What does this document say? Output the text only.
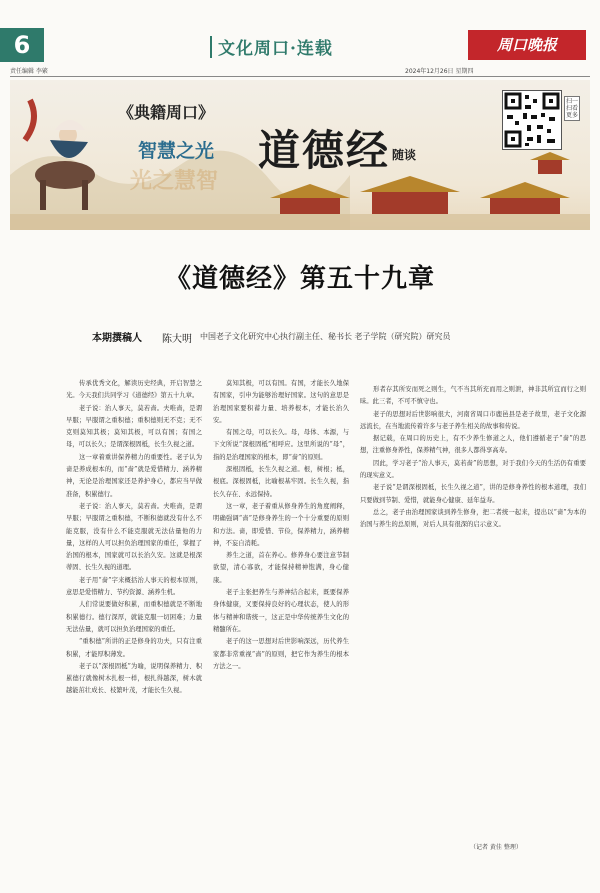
6
责任编辑 李綮
文化周口·连载	周口晚报
2024年12月26日 星期四
《典籍周口》
智慧之光
光之慧智
道德经 随谈
扫一扫看更多
《道德经》第五十九章
本期撰稿人 陈大明 中国老子文化研究中心执行副主任、秘书长 老子学院（研究院）研究员

传承优秀文化，解读历史经典，开启智慧之光。今天我们共同学习《道德经》第五十九章。

老子说：治人事天，莫若啬。夫唯啬，是谓早服；早服谓之重积德；重积德则无不克；无不克则莫知其极；莫知其极，可以有国；有国之母，可以长久；是谓深根固柢，长生久视之道。

这一章着重讲保养精力的重要性。老子认为啬是养成根本的，而“啬”就是爱惜精力、涵养精神，无论是治理国家还是养护身心，都应当早做准备，积累德行。

老子说：治人事天，莫若啬。夫唯啬，是谓早服；早服谓之重积德，不断积德就没有什么不能克服，没有什么不能克服就无法估量他的力量，这样的人可以担负治理国家的重任，掌握了治国的根本，国家就可以长治久安。这就是根深蒂固、长生久视的道理。

老子用“啬”字来概括治人事天的根本原则，意思是爱惜精力、节约资源、涵养生机。

人们常说要做好积累，而重积德就是不断地积累德行。德行深厚，就能克服一切困难；力量无法估量，就可以担负治理国家的重任。

“重积德”所讲的正是修身的功夫，只有注重积累，才能厚积薄发。

老子以“深根固柢”为喻，说明保养精力、积累德行就像树木扎根一样，根扎得越深，树木就越能茁壮成长、枝繁叶茂，才能长生久视。

莫知其极，可以有国。有国，才能长久地保有国家，引申为能够治理好国家。这句的意思是治理国家要积蓄力量、培养根本，才能长治久安。

有国之母，可以长久。母，母体、本源，与下文所说“深根固柢”相呼应。这里所说的“母”，指的是治理国家的根本，即“啬”的原则。

深根固柢，长生久视之道。根，树根；柢，根底。深根固柢，比喻根基牢固。长生久视，指长久存在、永远保持。

这一章，老子着重从修身养生的角度阐释，明确强调“啬”是修身养生的一个十分重要的原则和方法。啬，即爱惜、节俭，保养精力，涵养精神，不妄自消耗。

养生之道，首在养心。修养身心要注意节制欲望，清心寡欲，才能保持精神饱满，身心健康。

老子主张把养生与养神结合起来，既要保养身体健康，又要保持良好的心理状态，使人的形体与精神和谐统一，这正是中华传统养生文化的精髓所在。

老子的这一思想对后世影响深远，历代养生家都非常重视“啬”的原则，把它作为养生的根本方法之一。

形者存其所安而死之则生，气不当其所充而用之则泄，神非其所宜而行之则昧。此三者，不可不慎守也。

老子的思想对后世影响很大，河南省周口市鹿邑县是老子故里，老子文化源远流长，在当地流传着许多与老子养生相关的故事和传说。

据记载，在周口的历史上，有不少养生修道之人，他们遵循老子“啬”的思想，注重修身养性，保养精气神，很多人都得享高寿。

因此，学习老子“治人事天，莫若啬”的思想，对于我们今天的生活仍有重要的现实意义。

老子说“是谓深根固柢，长生久视之道”，讲的是修身养性的根本道理，我们只要做到节制、爱惜，就能身心健康、延年益寿。

总之，老子由治理国家谈到养生修身，把二者统一起来，提出以“啬”为本的治国与养生的总原则，对后人具有很深的启示意义。

（记者 黄佳 整理）
